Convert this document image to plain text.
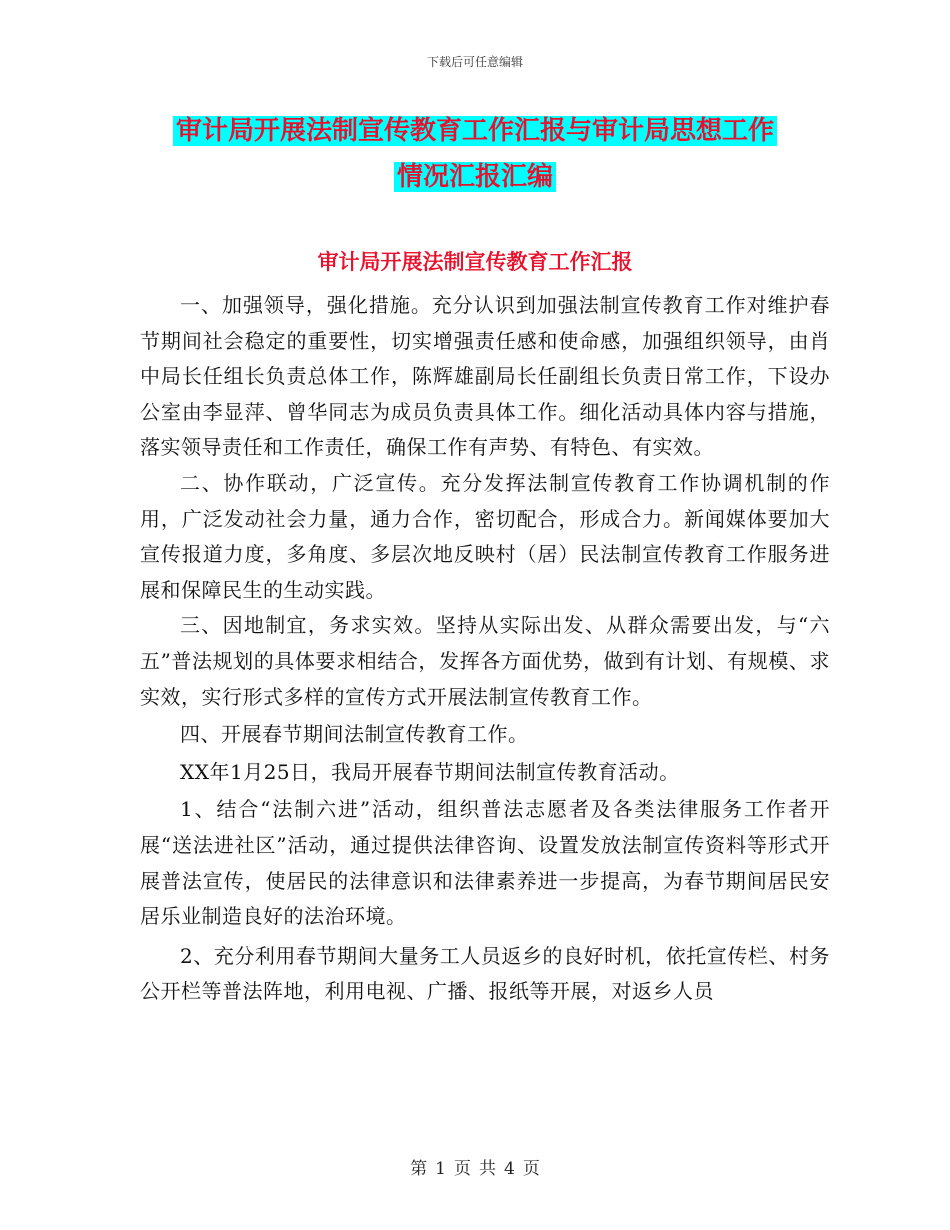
下载后可任意编辑
审计局开展法制宣传教育工作汇报与审计局思想工作
情况汇报汇编
审计局开展法制宣传教育工作汇报

一、加强领导，强化措施。充分认识到加强法制宣传教育工作对维护春节期间社会稳定的重要性，切实增强责任感和使命感，加强组织领导，由肖中局长任组长负责总体工作，陈辉雄副局长任副组长负责日常工作，下设办公室由李显萍、曾华同志为成员负责具体工作。细化活动具体内容与措施，落实领导责任和工作责任，确保工作有声势、有特色、有实效。

二、协作联动，广泛宣传。充分发挥法制宣传教育工作协调机制的作用，广泛发动社会力量，通力合作，密切配合，形成合力。新闻媒体要加大宣传报道力度，多角度、多层次地反映村（居）民法制宣传教育工作服务进展和保障民生的生动实践。

三、因地制宜，务求实效。坚持从实际出发、从群众需要出发，与“六五”普法规划的具体要求相结合，发挥各方面优势，做到有计划、有规模、求实效，实行形式多样的宣传方式开展法制宣传教育工作。

四、开展春节期间法制宣传教育工作。

XX年1月25日，我局开展春节期间法制宣传教育活动。

1、结合“法制六进”活动，组织普法志愿者及各类法律服务工作者开展“送法进社区”活动，通过提供法律咨询、设置发放法制宣传资料等形式开展普法宣传，使居民的法律意识和法律素养进一步提高，为春节期间居民安居乐业制造良好的法治环境。

2、充分利用春节期间大量务工人员返乡的良好时机，依托宣传栏、村务公开栏等普法阵地，利用电视、广播、报纸等开展，对返乡人员

第 1 页 共 4 页
